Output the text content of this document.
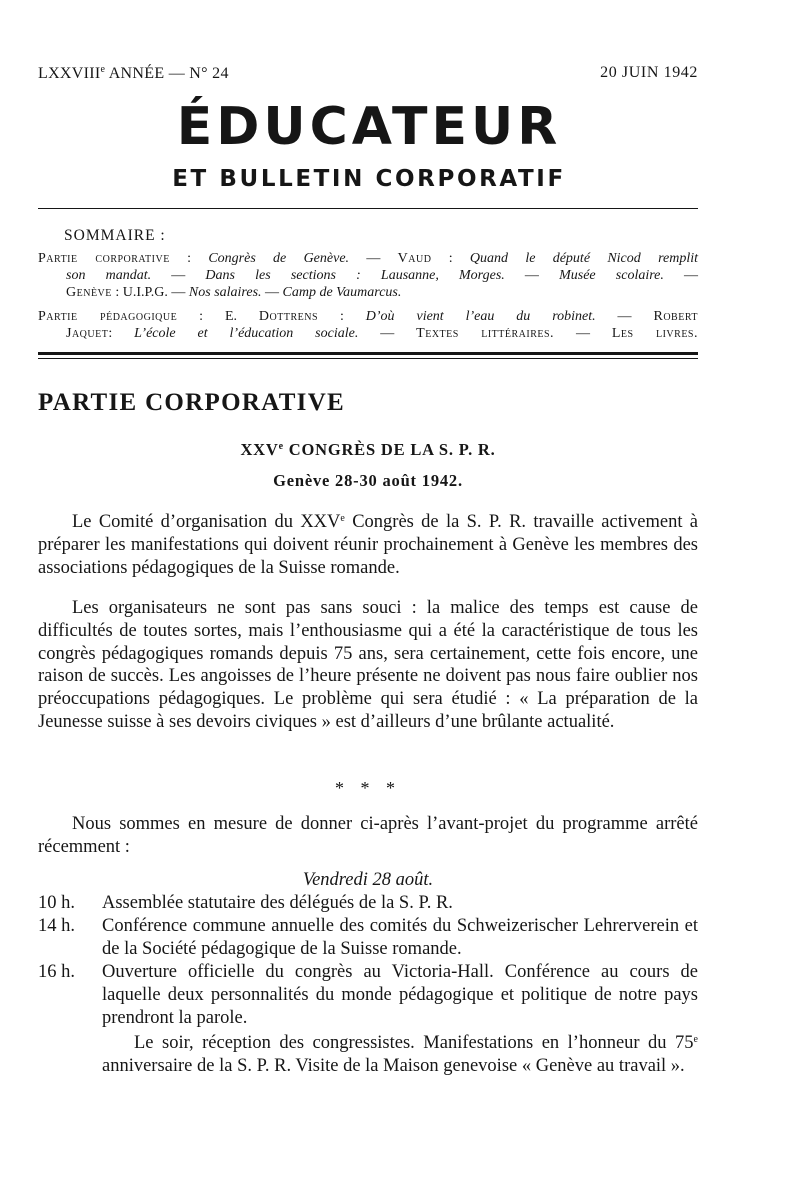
LXXVIIIe ANNÉE — N° 24	20 JUIN 1942
ÉDUCATEUR
ET BULLETIN CORPORATIF
SOMMAIRE :
Partie corporative : Congrès de Genève. — Vaud : Quand le député Nicod remplit
son mandat. — Dans les sections : Lausanne, Morges. — Musée scolaire. —
Genève : U.I.P.G. — Nos salaires. — Camp de Vaumarcus.
Partie pédagogique : E. Dottrens : D’où vient l’eau du robinet. — Robert
Jaquet: L’école et l’éducation sociale. — Textes littéraires. — Les livres.
PARTIE CORPORATIVE
XXVe CONGRÈS DE LA S. P. R.
Genève 28-30 août 1942.

Le Comité d’organisation du XXVe Congrès de la S. P. R. travaille activement à préparer les manifestations qui doivent réunir prochainement à Genève les membres des associations pédagogiques de la Suisse romande.

Les organisateurs ne sont pas sans souci : la malice des temps est cause de difficultés de toutes sortes, mais l’enthousiasme qui a été la caractéristique de tous les congrès pédagogiques romands depuis 75 ans, sera certainement, cette fois encore, une raison de succès. Les angoisses de l’heure présente ne doivent pas nous faire oublier nos préoccupations pédagogiques. Le problème qui sera étudié : « La préparation de la Jeunesse suisse à ses devoirs civiques » est d’ailleurs d’une brûlante actualité.

* * *

Nous sommes en mesure de donner ci-après l’avant-projet du programme arrêté récemment :

Vendredi 28 août.
10 h. Assemblée statutaire des délégués de la S. P. R.
14 h. Conférence commune annuelle des comités du Schweizerischer Lehrerverein et de la Société pédagogique de la Suisse romande.
16 h. Ouverture officielle du congrès au Victoria-Hall. Conférence au cours de laquelle deux personnalités du monde pédagogique et politique de notre pays prendront la parole.
Le soir, réception des congressistes. Manifestations en l’honneur du 75e anniversaire de la S. P. R. Visite de la Maison genevoise « Genève au travail ».
